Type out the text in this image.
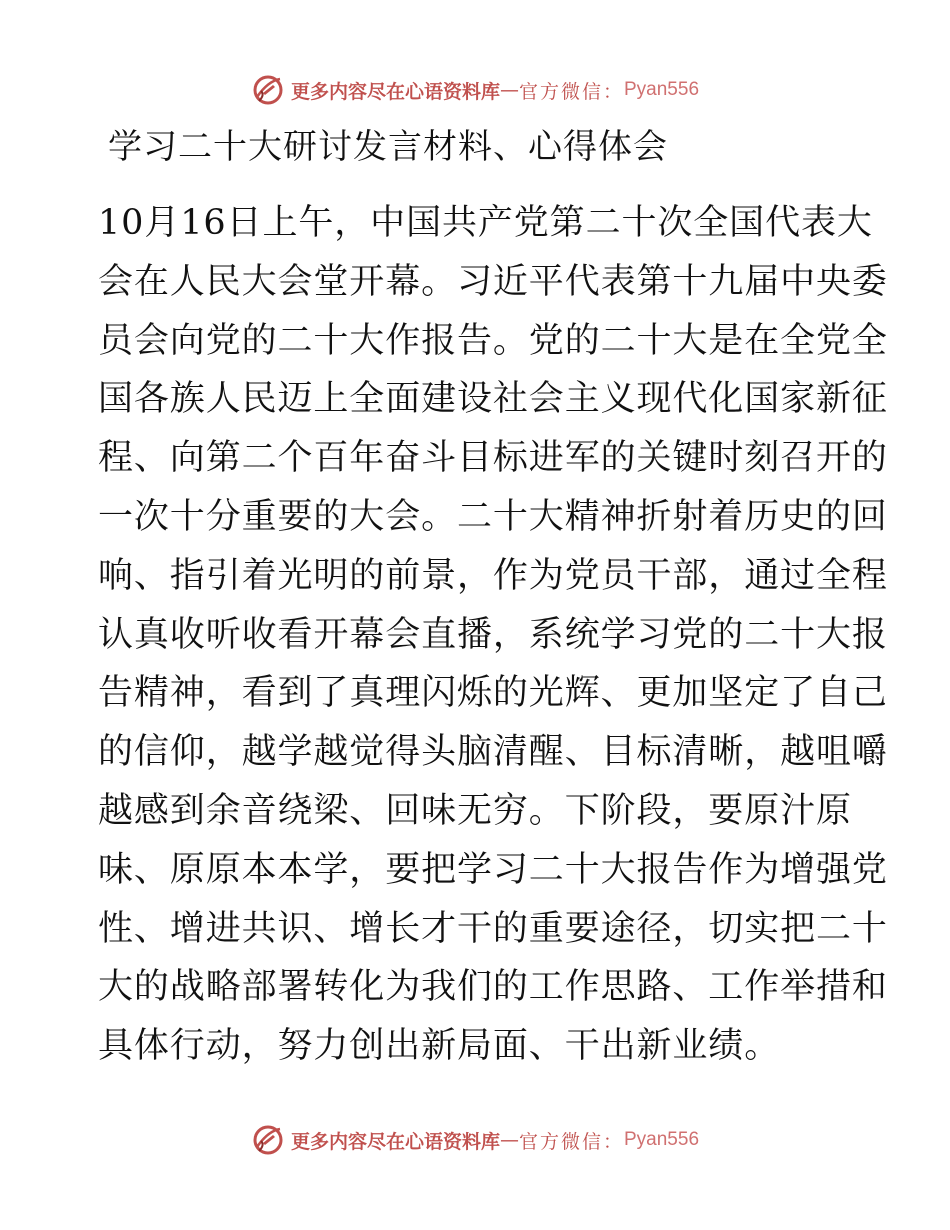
更多内容尽在心语资料库 — 官方微信： Pyan556
学习二十大研讨发言材料、心得体会
10月16日上午，中国共产党第二十次全国代表大
会在人民大会堂开幕。习近平代表第十九届中央委
员会向党的二十大作报告。党的二十大是在全党全
国各族人民迈上全面建设社会主义现代化国家新征
程、向第二个百年奋斗目标进军的关键时刻召开的
一次十分重要的大会。二十大精神折射着历史的回
响、指引着光明的前景，作为党员干部，通过全程
认真收听收看开幕会直播，系统学习党的二十大报
告精神，看到了真理闪烁的光辉、更加坚定了自己
的信仰，越学越觉得头脑清醒、目标清晰，越咀嚼
越感到余音绕梁、回味无穷。下阶段，要原汁原
味、原原本本学，要把学习二十大报告作为增强党
性、增进共识、增长才干的重要途径，切实把二十
大的战略部署转化为我们的工作思路、工作举措和
具体行动，努力创出新局面、干出新业绩。
更多内容尽在心语资料库 — 官方微信： Pyan556
